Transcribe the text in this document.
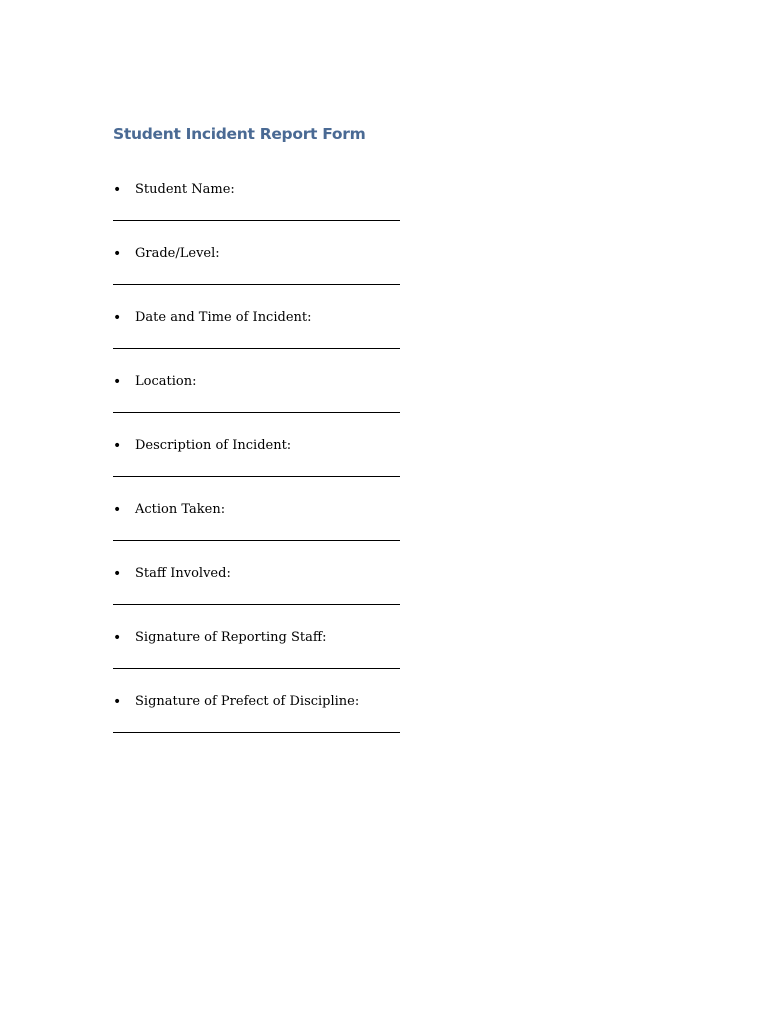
Student Incident Report Form
• Student Name:
• Grade/Level:
• Date and Time of Incident:
• Location:
• Description of Incident:
• Action Taken:
• Staff Involved:
• Signature of Reporting Staff:
• Signature of Prefect of Discipline:
